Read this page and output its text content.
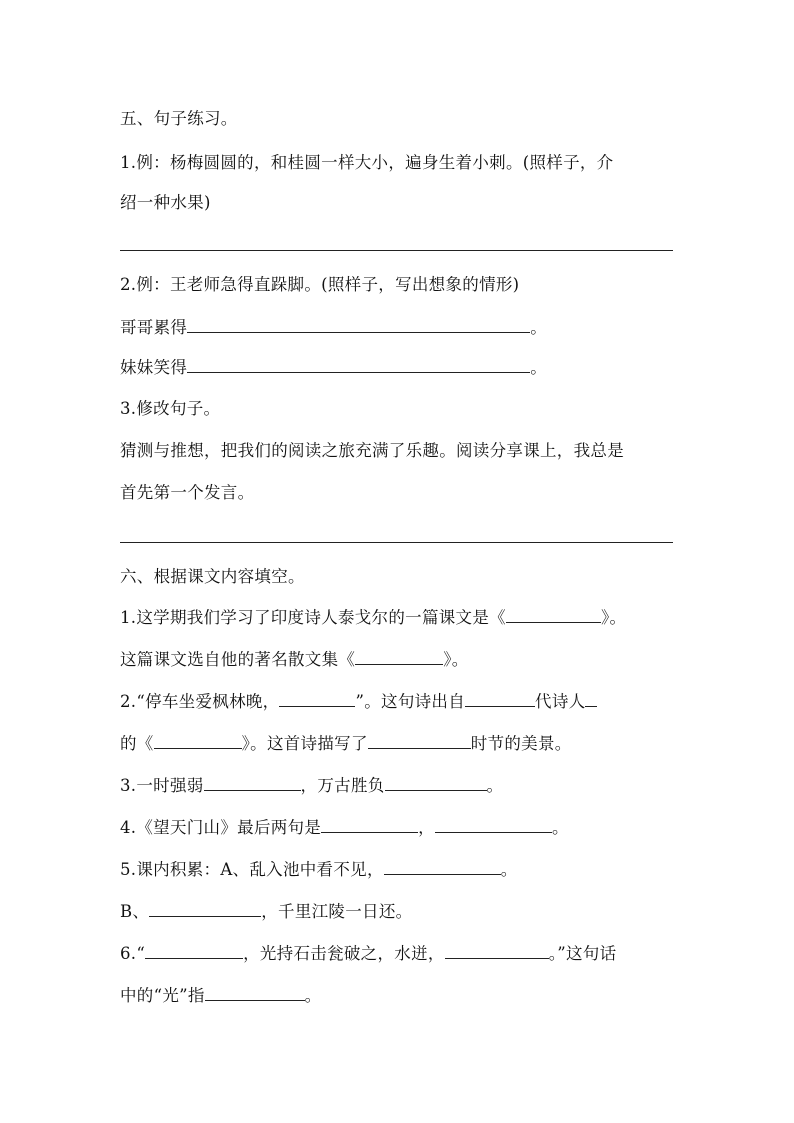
五、句子练习。
1.例：杨梅圆圆的，和桂圆一样大小，遍身生着小刺。(照样子，介
绍一种水果)
2.例：王老师急得直跺脚。(照样子，写出想象的情形)
哥哥累得	。
妹妹笑得	。
3.修改句子。
猜测与推想，把我们的阅读之旅充满了乐趣。阅读分享课上，我总是
首先第一个发言。
六、根据课文内容填空。
1.这学期我们学习了印度诗人泰戈尔的一篇课文是《	》。
这篇课文选自他的著名散文集《	》。
2.“停车坐爱枫林晚，	”。这句诗出自	代诗人
的《	》。这首诗描写了	时节的美景。
3.一时强弱	，万古胜负	。
4.《望天门山》最后两句是	，	。
5.课内积累：A、乱入池中看不见，	。
B、	，千里江陵一日还。
6.“	，光持石击瓮破之，水迸，	。”这句话
中的“光”指	。
